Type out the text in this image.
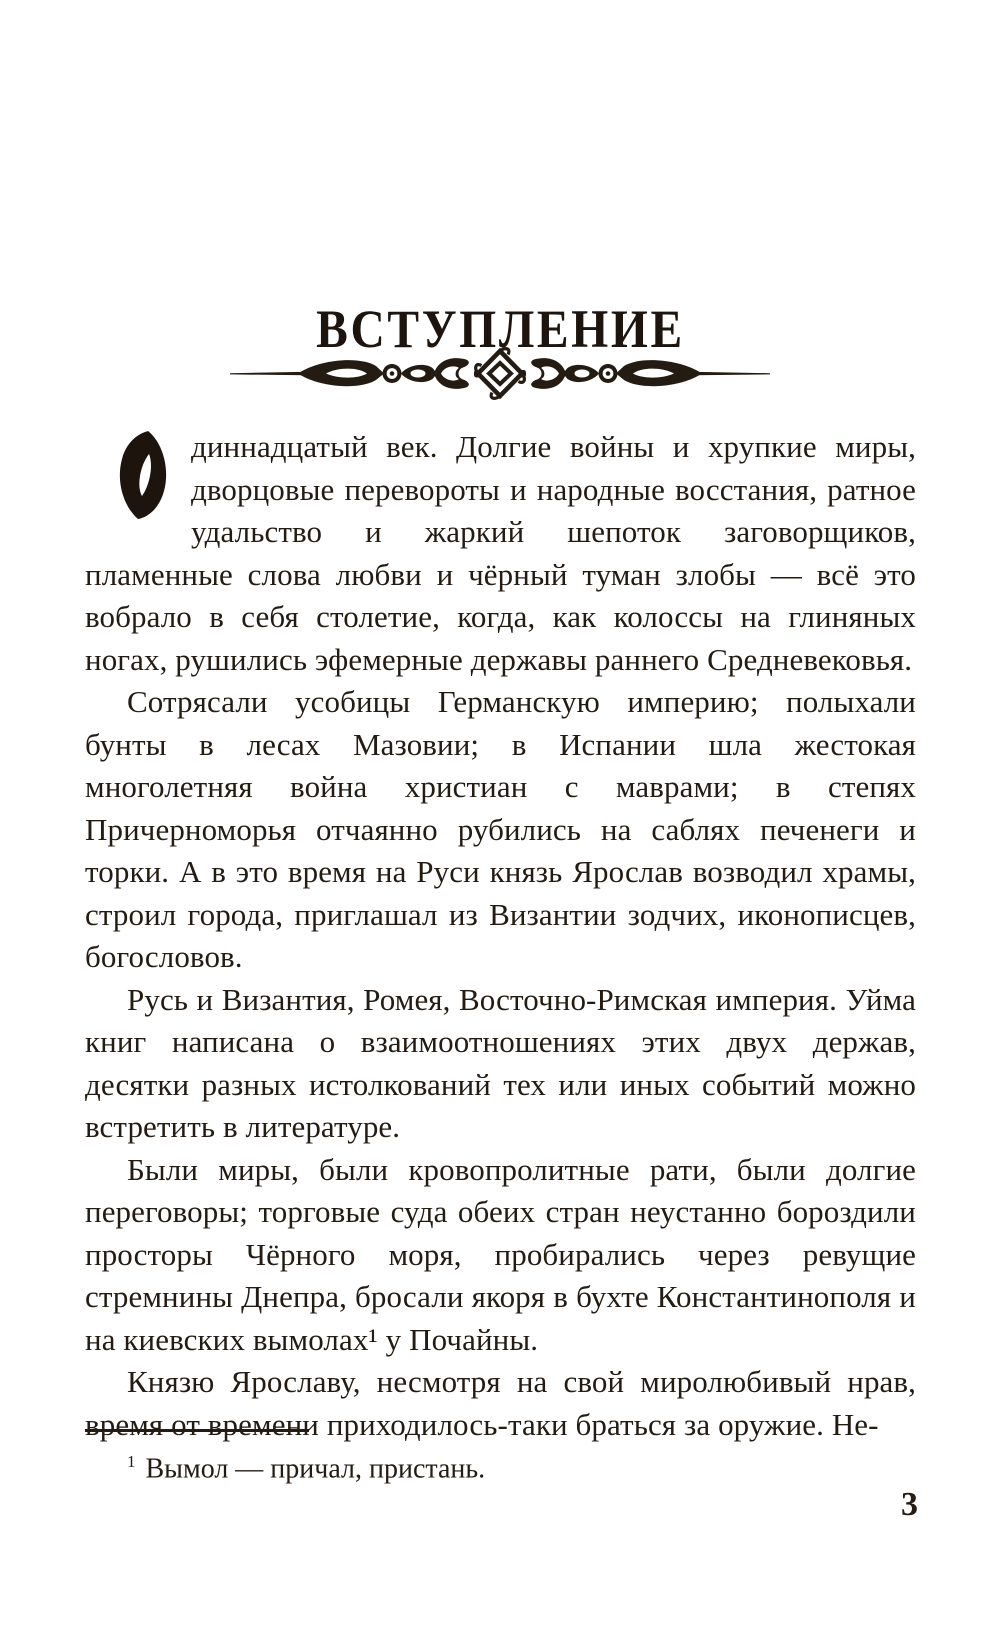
ВСТУПЛЕНИЕ

диннадцатый век. Долгие войны и хрупкие миры, дворцовые перевороты и народные восстания, ратное удальство и жаркий шепоток заговорщиков, пламенные слова любви и чёрный туман злобы — всё это вобрало в себя столетие, когда, как колоссы на глиняных ногах, рушились эфемерные державы раннего Средневековья.

Сотрясали усобицы Германскую империю; полыхали бунты в лесах Мазовии; в Испании шла жестокая многолетняя война христиан с маврами; в степях Причерноморья отчаянно рубились на саблях печенеги и торки. А в это время на Руси князь Ярослав возводил храмы, строил города, приглашал из Византии зодчих, иконописцев, богословов.

Русь и Византия, Ромея, Восточно-Римская империя. Уйма книг написана о взаимоотношениях этих двух держав, десятки разных истолкований тех или иных событий можно встретить в литературе.

Были миры, были кровопролитные рати, были долгие переговоры; торговые суда обеих стран неустанно бороздили просторы Чёрного моря, пробирались через ревущие стремнины Днепра, бросали якоря в бухте Константинополя и на киевских вымолах¹ у Почайны.

Князю Ярославу, несмотря на свой миролюбивый нрав, время от времени приходилось-таки браться за оружие. Не-

$^1$ Вымол — причал, пристань.

3
